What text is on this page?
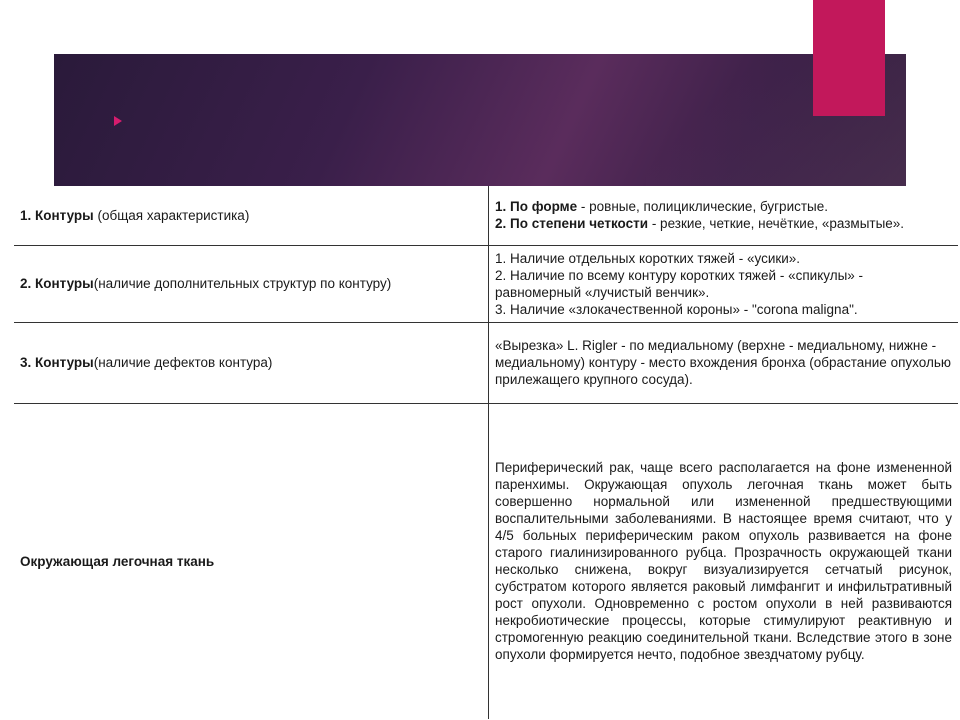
1. Контуры (общая характеристика)	1. По форме - ровные, полициклические, бугристые.
2. По степени четкости - резкие, четкие, нечёткие, «размытые».

2. Контуры(наличие дополнительных структур по контуру)	1. Наличие отдельных коротких тяжей - «усики».
2. Наличие по всему контуру коротких тяжей - «спикулы» - равномерный «лучистый венчик».
3. Наличие «злокачественной короны» - "corona maligna".

3. Контуры(наличие дефектов контура)	«Вырезка» L. Rigler - по медиальному (верхне - медиальному, нижне - медиальному) контуру - место вхождения бронха (обрастание опухолью прилежащего крупного сосуда).
Окружающая легочная ткань	Периферический рак, чаще всего располагается на фоне измененной паренхимы. Окружающая опухоль легочная ткань может быть совершенно нормальной или измененной предшествующими воспалительными заболеваниями. В настоящее время считают, что у 4/5 больных периферическим раком опухоль развивается на фоне старого гиалинизированного рубца. Прозрачность окружающей ткани несколько снижена, вокруг визуализируется сетчатый рисунок, субстратом которого является раковый лимфангит и инфильтративный рост опухоли. Одновременно с ростом опухоли в ней развиваются некробиотические процессы, которые стимулируют реактивную и стромогенную реакцию соединительной ткани. Вследствие этого в зоне опухоли формируется нечто, подобное звездчатому рубцу.
